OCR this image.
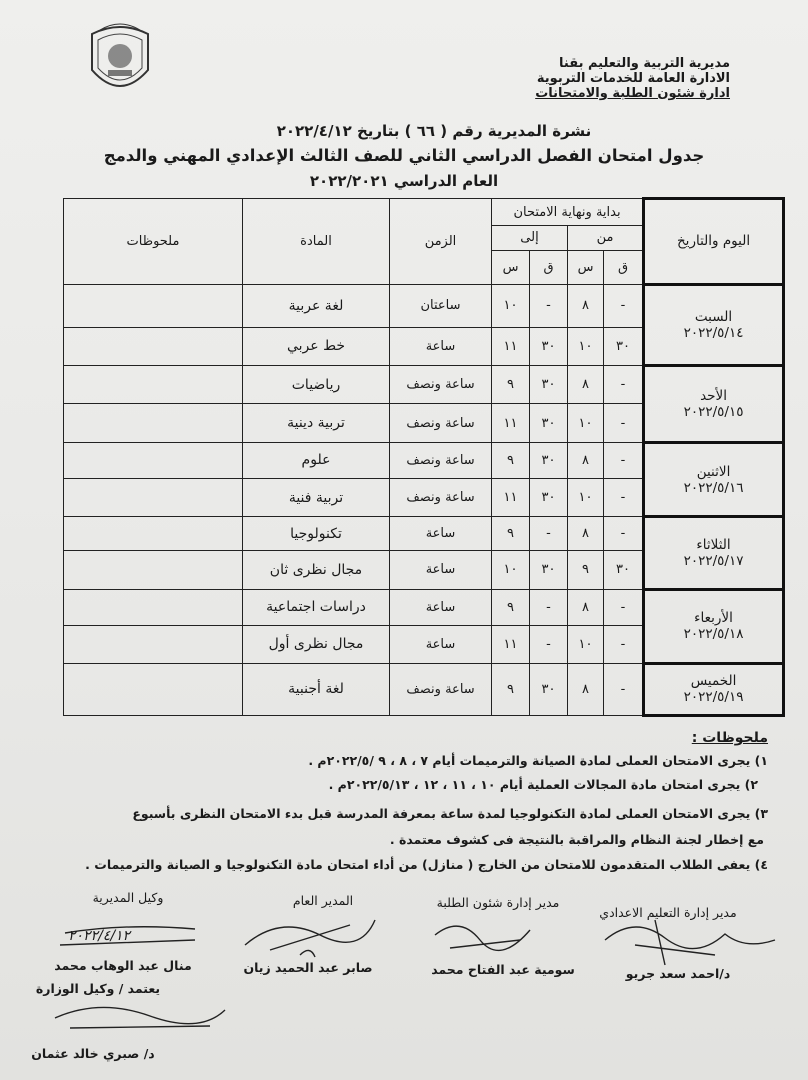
مديرية التربية والتعليم بقنا
الادارة العامة للخدمات التربوية
ادارة شئون الطلبة والامتحانات
نشرة المديرية رقم ( ٦٦ ) بتاريخ ٢٠٢٢/٤/١٢
جدول امتحان الفصل الدراسي الثاني للصف الثالث الإعدادي المهني والدمج
العام الدراسي ٢٠٢٢/٢٠٢١
اليوم والتاريخ	بداية ونهاية الامتحان				الزمن	المادة	ملحوظات
	من		إلى				
	ق	س	ق	س			

السبت
٢٠٢٢/٥/١٤	-	٨	-	١٠	ساعتان	لغة عربية	
	٣٠	١٠	٣٠	١١	ساعة	خط عربي	

الأحد
٢٠٢٢/٥/١٥	-	٨	٣٠	٩	ساعة ونصف	رياضيات	
	-	١٠	٣٠	١١	ساعة ونصف	تربية دينية	

الاثنين
٢٠٢٢/٥/١٦	-	٨	٣٠	٩	ساعة ونصف	علوم	
	-	١٠	٣٠	١١	ساعة ونصف	تربية فنية	

الثلاثاء
٢٠٢٢/٥/١٧	-	٨	-	٩	ساعة	تكنولوجيا	
	٣٠	٩	٣٠	١٠	ساعة	مجال نظرى ثان	

الأربعاء
٢٠٢٢/٥/١٨	-	٨	-	٩	ساعة	دراسات اجتماعية	
	-	١٠	-	١١	ساعة	مجال نظرى أول	

الخميس
٢٠٢٢/٥/١٩	-	٨	٣٠	٩	ساعة ونصف	لغة أجنبية	
ملحوظات :
١) يجرى الامتحان العملى لمادة الصيانة والترميمات أيام ٧ ، ٨ ، ٩ /٢٠٢٢/٥م .
٢) يجرى امتحان مادة المجالات العملية أيام ١٠ ، ١١ ، ١٢ ، ٢٠٢٢/٥/١٣م .
٣) يجرى الامتحان العملى لمادة التكنولوجيا لمدة ساعة بمعرفة المدرسة قبل بدء الامتحان النظرى بأسبوع
مع إخطار لجنة النظام والمراقبة بالنتيجة فى كشوف معتمدة .
٤) يعفى الطلاب المتقدمون للامتحان من الخارج ( منازل) من أداء امتحان مادة التكنولوجيا و الصيانة والترميمات .
مدير إدارة التعليم الاعدادي
مدير إدارة شئون الطلبة
المدير العام
وكيل المديرية
٢٠٢٢/٤/١٢
د/احمد سعد جريو
سومية عبد الفتاح محمد
صابر عبد الحميد زيان
منال عبد الوهاب محمد
يعتمد / وكيل الوزارة
د/ صبري خالد عثمان
